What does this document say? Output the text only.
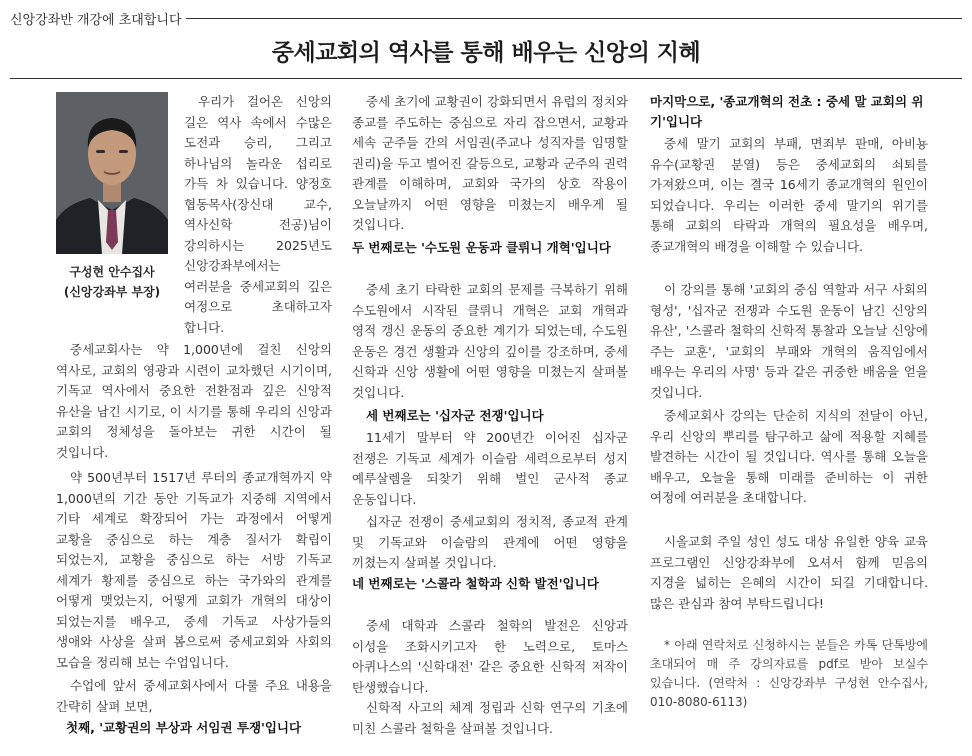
신앙강좌반 개강에 초대합니다
중세교회의 역사를 통해 배우는 신앙의 지혜
구성현 안수집사
(신앙강좌부 부장)

우리가 걸어온 신앙의 길은 역사 속에서 수많은 도전과 승리, 그리고 하나님의 놀라운 섭리로 가득 차 있습니다. 양정호 협동목사(장신대 교수, 역사신학 전공)님이 강의하시는 2025년도 신앙강좌부에서는 여러분을 중세교회의 깊은 여정으로 초대하고자 합니다.

중세교회사는 약 1,000년에 걸친 신앙의 역사로, 교회의 영광과 시련이 교차했던 시기이며, 기독교 역사에서 중요한 전환점과 깊은 신앙적 유산을 남긴 시기로, 이 시기를 통해 우리의 신앙과 교회의 정체성을 돌아보는 귀한 시간이 될 것입니다.

약 500년부터 1517년 루터의 종교개혁까지 약 1,000년의 기간 동안 기독교가 지중해 지역에서 기타 세계로 확장되어 가는 과정에서 어떻게 교황을 중심으로 하는 계층 질서가 확립이 되었는지, 교황을 중심으로 하는 서방 기독교 세계가 황제를 중심으로 하는 국가와의 관계를 어떻게 맺었는지, 어떻게 교회가 개혁의 대상이 되었는지를 배우고, 중세 기독교 사상가들의 생애와 사상을 살펴 봄으로써 중세교회와 사회의 모습을 정리해 보는 수업입니다.

수업에 앞서 중세교회사에서 다룰 주요 내용을 간략히 살펴 보면,

첫째, '교황권의 부상과 서임권 투쟁'입니다

중세 초기에 교황권이 강화되면서 유럽의 정치와 종교를 주도하는 중심으로 자리 잡으면서, 교황과 세속 군주들 간의 서임권(주교나 성직자를 임명할 권리)을 두고 벌어진 갈등으로, 교황과 군주의 권력 관계를 이해하며, 교회와 국가의 상호 작용이 오늘날까지 어떤 영향을 미쳤는지 배우게 될 것입니다.

두 번째로는 '수도원 운동과 클뤼니 개혁'입니다

중세 초기 타락한 교회의 문제를 극복하기 위해 수도원에서 시작된 클뤼니 개혁은 교회 개혁과 영적 갱신 운동의 중요한 계기가 되었는데, 수도원 운동은 경건 생활과 신앙의 깊이를 강조하며, 중세 신학과 신앙 생활에 어떤 영향을 미쳤는지 살펴볼 것입니다.

세 번째로는 '십자군 전쟁'입니다

11세기 말부터 약 200년간 이어진 십자군 전쟁은 기독교 세계가 이슬람 세력으로부터 성지 예루살렘을 되찾기 위해 벌인 군사적 종교 운동입니다.

십자군 전쟁이 중세교회의 정치적, 종교적 관계 및 기독교와 이슬람의 관계에 어떤 영향을 끼쳤는지 살펴볼 것입니다.

네 번째로는 '스콜라 철학과 신학 발전'입니다

중세 대학과 스콜라 철학의 발전은 신앙과 이성을 조화시키고자 한 노력으로, 토마스 아퀴나스의 '신학대전' 같은 중요한 신학적 저작이 탄생했습니다.

신학적 사고의 체계 정립과 신학 연구의 기초에 미친 스콜라 철학을 살펴볼 것입니다.

마지막으로, '종교개혁의 전초 : 중세 말 교회의 위기'입니다

중세 말기 교회의 부패, 면죄부 판매, 아비뇽 유수(교황권 분열) 등은 중세교회의 쇠퇴를 가져왔으며, 이는 결국 16세기 종교개혁의 원인이 되었습니다. 우리는 이러한 중세 말기의 위기를 통해 교회의 타락과 개혁의 필요성을 배우며, 종교개혁의 배경을 이해할 수 있습니다.

이 강의를 통해 '교회의 중심 역할과 서구 사회의 형성', '십자군 전쟁과 수도원 운동이 남긴 신앙의 유산', '스콜라 철학의 신학적 통찰과 오늘날 신앙에 주는 교훈', '교회의 부패와 개혁의 움직임에서 배우는 우리의 사명' 등과 같은 귀중한 배움을 얻을 것입니다.

중세교회사 강의는 단순히 지식의 전달이 아닌, 우리 신앙의 뿌리를 탐구하고 삶에 적용할 지혜를 발견하는 시간이 될 것입니다. 역사를 통해 오늘을 배우고, 오늘을 통해 미래를 준비하는 이 귀한 여정에 여러분을 초대합니다.

시올교회 주일 성인 성도 대상 유일한 양육 교육 프로그램인 신앙강좌부에 오셔서 함께 믿음의 지경을 넓히는 은혜의 시간이 되길 기대합니다. 많은 관심과 참여 부탁드립니다!

* 아래 연락처로 신청하시는 분들은 카톡 단톡방에 초대되어 매 주 강의자료를 pdf로 받아 보실수 있습니다. (연락처 : 신앙강좌부 구성현 안수집사, 010-8080-6113)
